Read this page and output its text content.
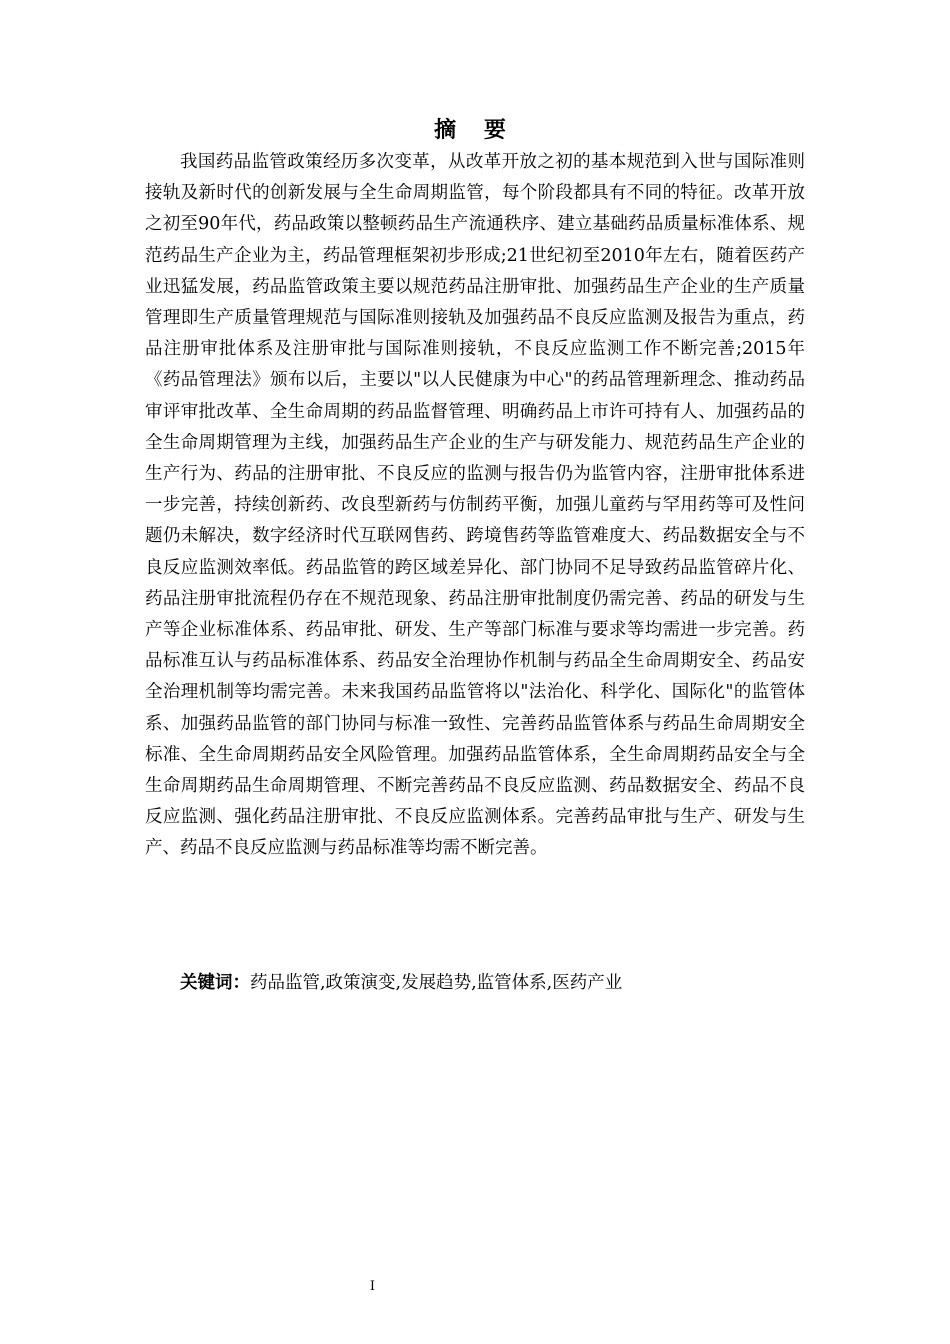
摘 要

我国药品监管政策经历多次变革，从改革开放之初的基本规范到入世与国际准则接轨及新时代的创新发展与全生命周期监管，每个阶段都具有不同的特征。改革开放之初至90年代，药品政策以整顿药品生产流通秩序、建立基础药品质量标准体系、规范药品生产企业为主，药品管理框架初步形成;21世纪初至2010年左右，随着医药产业迅猛发展，药品监管政策主要以规范药品注册审批、加强药品生产企业的生产质量管理即生产质量管理规范与国际准则接轨及加强药品不良反应监测及报告为重点，药品注册审批体系及注册审批与国际准则接轨，不良反应监测工作不断完善;2015年《药品管理法》颁布以后，主要以"以人民健康为中心"的药品管理新理念、推动药品审评审批改革、全生命周期的药品监督管理、明确药品上市许可持有人、加强药品的全生命周期管理为主线，加强药品生产企业的生产与研发能力、规范药品生产企业的生产行为、药品的注册审批、不良反应的监测与报告仍为监管内容，注册审批体系进一步完善，持续创新药、改良型新药与仿制药平衡，加强儿童药与罕用药等可及性问题仍未解决，数字经济时代互联网售药、跨境售药等监管难度大、药品数据安全与不良反应监测效率低。药品监管的跨区域差异化、部门协同不足导致药品监管碎片化、药品注册审批流程仍存在不规范现象、药品注册审批制度仍需完善、药品的研发与生产等企业标准体系、药品审批、研发、生产等部门标准与要求等均需进一步完善。药品标准互认与药品标准体系、药品安全治理协作机制与药品全生命周期安全、药品安全治理机制等均需完善。未来我国药品监管将以"法治化、科学化、国际化"的监管体系、加强药品监管的部门协同与标准一致性、完善药品监管体系与药品生命周期安全标准、全生命周期药品安全风险管理。加强药品监管体系，全生命周期药品安全与全生命周期药品生命周期管理、不断完善药品不良反应监测、药品数据安全、药品不良反应监测、强化药品注册审批、不良反应监测体系。完善药品审批与生产、研发与生产、药品不良反应监测与药品标准等均需不断完善。

关键词：药品监管,政策演变,发展趋势,监管体系,医药产业

I
